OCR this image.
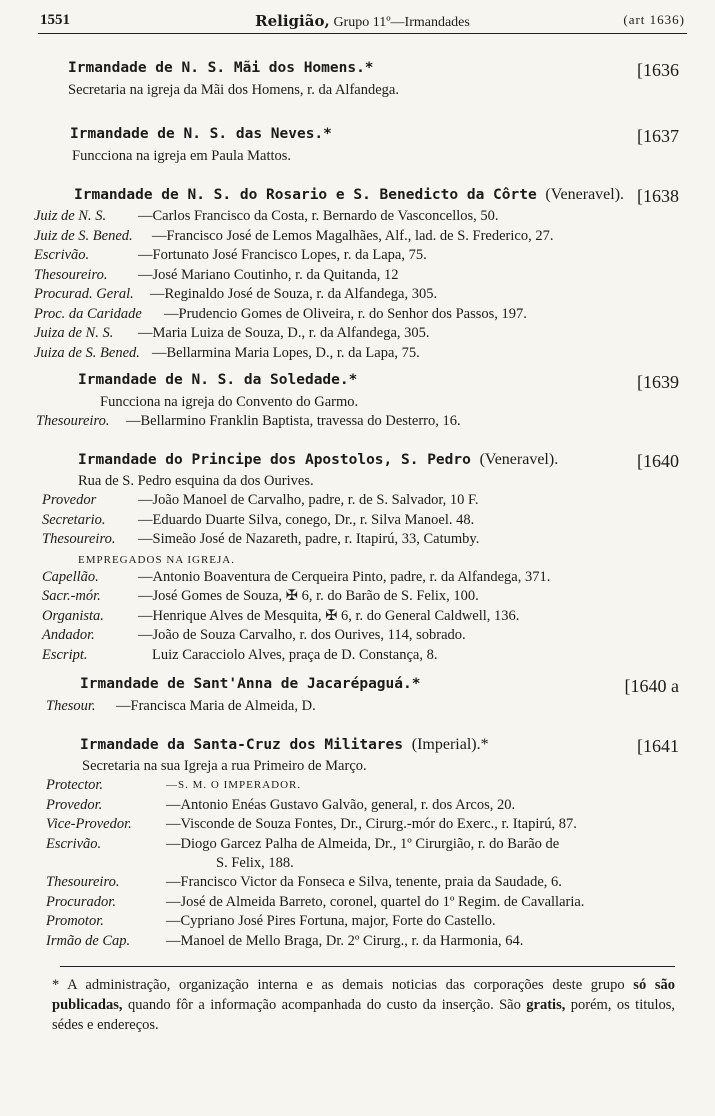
1551	Religião, Grupo 11º—Irmandades	(art 1636)
Irmandade de N. S. Mãi dos Homens.*	[1636
Secretaria na igreja da Mãi dos Homens, r. da Alfandega.
Irmandade de N. S. das Neves.*	[1637
Funcciona na igreja em Paula Mattos.
Irmandade de N. S. do Rosario e S. Benedicto da Côrte (Veneravel). [1638
Juiz de N. S. —Carlos Francisco da Costa, r. Bernardo de Vasconcellos, 50.
Juiz de S. Bened. —Francisco José de Lemos Magalhães, Alf., lad. de S. Frederico, 27.
Escrivão.	—Fortunato José Francisco Lopes, r. da Lapa, 75.
Thesoureiro. —José Mariano Coutinho, r. da Quitanda, 12
Procurad. Geral. —Reginaldo José de Souza, r. da Alfandega, 305.
Proc. da Caridade —Prudencio Gomes de Oliveira, r. do Senhor dos Passos, 197.
Juiza de N. S. —Maria Luiza de Souza, D., r. da Alfandega, 305.
Juiza de S. Bened. —Bellarmina Maria Lopes, D., r. da Lapa, 75.
Irmandade de N. S. da Soledade.*	[1639
Funcciona na igreja do Convento do Garmo.
Thesoureiro. —Bellarmino Franklin Baptista, travessa do Desterro, 16.
Irmandade do Principe dos Apostolos, S. Pedro (Veneravel).	[1640
Rua de S. Pedro esquina da dos Ourives.
Provedor	—João Manoel de Carvalho, padre, r. de S. Salvador, 10 F.
Secretario. —Eduardo Duarte Silva, conego, Dr., r. Silva Manoel. 48.
Thesoureiro. —Simeão José de Nazareth, padre, r. Itapirú, 33, Catumby.
EMPREGADOS NA IGREJA.
Capellão.	—Antonio Boaventura de Cerqueira Pinto, padre, r. da Alfandega, 371.
Sacr.-mór.	—José Gomes de Souza, ✠ 6, r. do Barão de S. Felix, 100.
Organista. —Henrique Alves de Mesquita, ✠ 6, r. do General Caldwell, 136.
Andador.	—João de Souza Carvalho, r. dos Ourives, 114, sobrado.
Escript.	Luiz Caracciolo Alves, praça de D. Constança, 8.
Irmandade de Sant'Anna de Jacarépaguá.*	[1640 a
Thesour. —Francisca Maria de Almeida, D.
Irmandade da Santa-Cruz dos Militares (Imperial).*	[1641
Secretaria na sua Igreja a rua Primeiro de Março.
Protector.	—S. M. O IMPERADOR.
Provedor.	—Antonio Enéas Gustavo Galvão, general, r. dos Arcos, 20.
Vice-Provedor. —Visconde de Souza Fontes, Dr., Cirurg.-mór do Exerc., r. Itapirú, 87.
Escrivão.	—Diogo Garcez Palha de Almeida, Dr., 1º Cirurgião, r. do Barão de
S. Felix, 188.
Thesoureiro.	—Francisco Victor da Fonseca e Silva, tenente, praia da Saudade, 6.
Procurador.	—José de Almeida Barreto, coronel, quartel do 1º Regim. de Cavallaria.
Promotor.	—Cypriano José Pires Fortuna, major, Forte do Castello.
Irmão de Cap. —Manoel de Mello Braga, Dr. 2º Cirurg., r. da Harmonia, 64.
* A administração, organização interna e as demais noticias das corporações deste grupo só são publicadas, quando fôr a informação acompanhada do custo da inserção. São gratis, porém, os titulos, sédes e endereços.
